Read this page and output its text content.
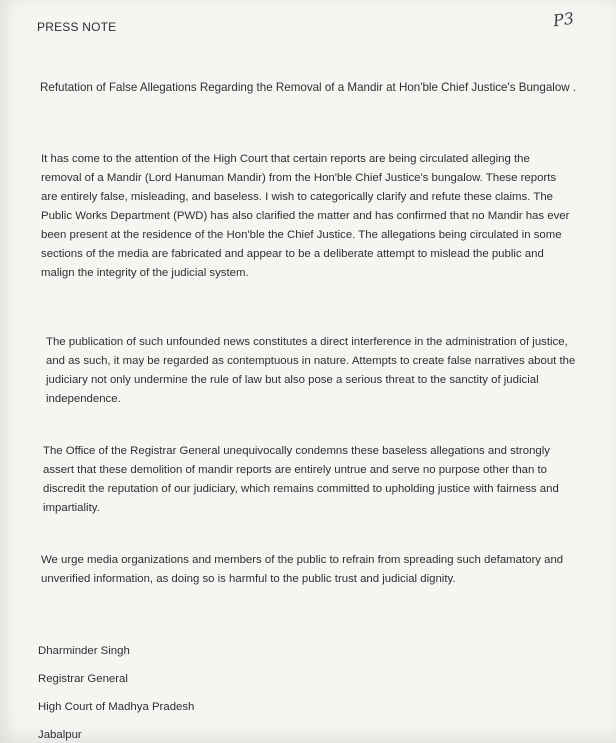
PRESS NOTE	P3

Refutation of False Allegations Regarding the Removal of a Mandir at Hon'ble Chief Justice's Bungalow .

It has come to the attention of the High Court that certain reports are being circulated alleging the removal of a Mandir (Lord Hanuman Mandir) from the Hon'ble Chief Justice's bungalow. These reports are entirely false, misleading, and baseless. I wish to categorically clarify and refute these claims. The Public Works Department (PWD) has also clarified the matter and has confirmed that no Mandir has ever been present at the residence of the Hon'ble the Chief Justice. The allegations being circulated in some sections of the media are fabricated and appear to be a deliberate attempt to mislead the public and malign the integrity of the judicial system.

The publication of such unfounded news constitutes a direct interference in the administration of justice, and as such, it may be regarded as contemptuous in nature. Attempts to create false narratives about the judiciary not only undermine the rule of law but also pose a serious threat to the sanctity of judicial independence.

The Office of the Registrar General unequivocally condemns these baseless allegations and strongly assert that these demolition of mandir reports are entirely untrue and serve no purpose other than to discredit the reputation of our judiciary, which remains committed to upholding justice with fairness and impartiality.

We urge media organizations and members of the public to refrain from spreading such defamatory and unverified information, as doing so is harmful to the public trust and judicial dignity.

Dharminder Singh

Registrar General

High Court of Madhya Pradesh

Jabalpur
